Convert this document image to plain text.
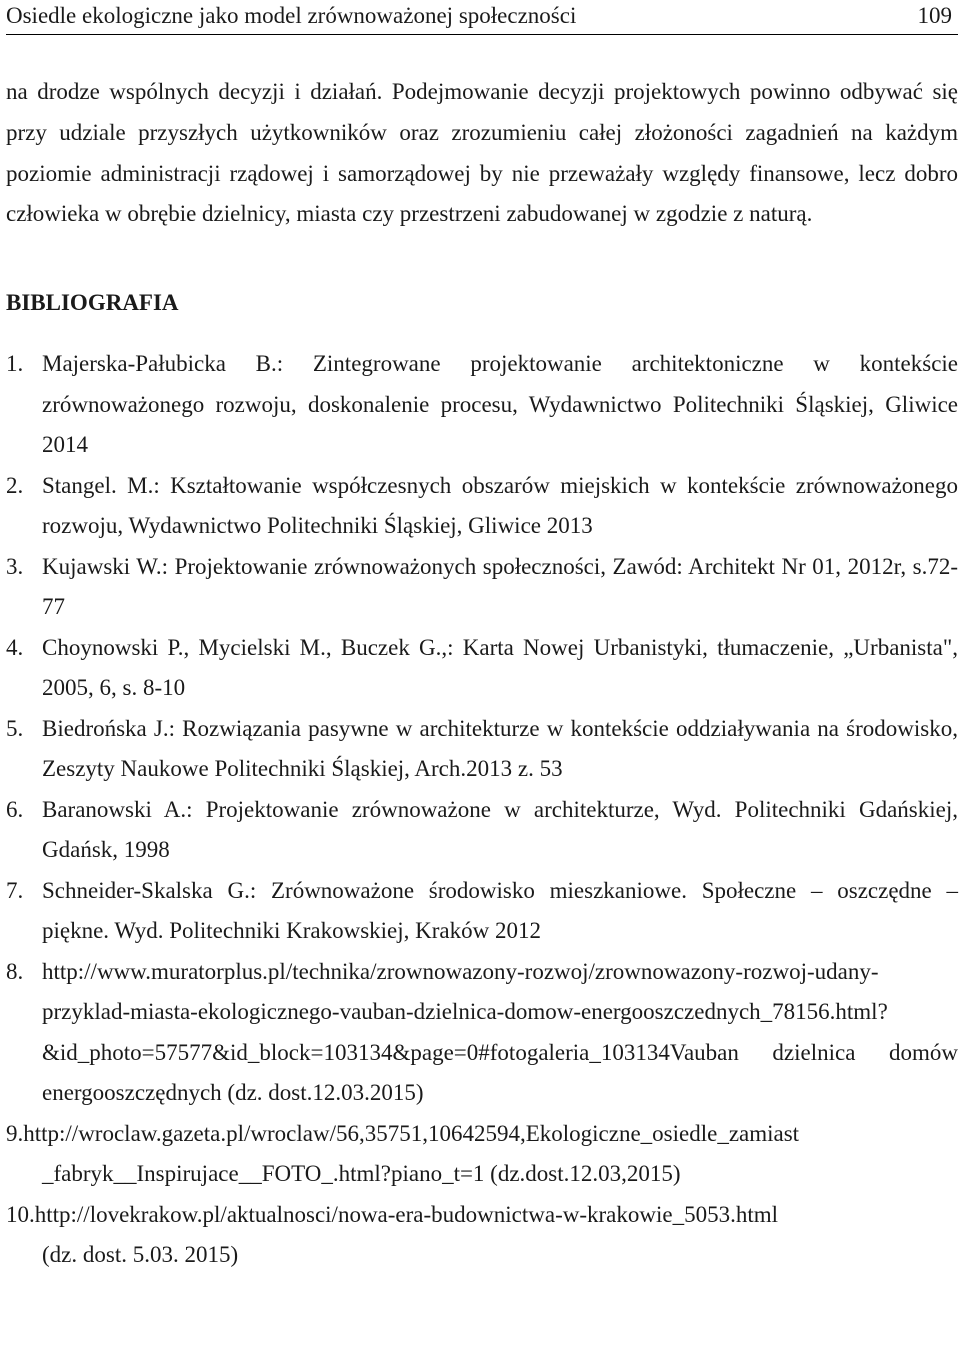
Osiedle ekologiczne jako model zrównoważonej społeczności	109

na drodze wspólnych decyzji i działań. Podejmowanie decyzji projektowych powinno odbywać się przy udziale przyszłych użytkowników oraz zrozumieniu całej złożoności zagadnień na każdym poziomie administracji rządowej i samorządowej by nie przeważały względy finansowe, lecz dobro człowieka w obrębie dzielnicy, miasta czy przestrzeni zabudowanej w zgodzie z naturą.

BIBLIOGRAFIA
1. Majerska-Pałubicka B.: Zintegrowane projektowanie architektoniczne w kontekście zrównoważonego rozwoju, doskonalenie procesu, Wydawnictwo Politechniki Śląskiej, Gliwice 2014
2. Stangel. M.: Kształtowanie współczesnych obszarów miejskich w kontekście zrównoważonego rozwoju, Wydawnictwo Politechniki Śląskiej, Gliwice 2013
3. Kujawski W.: Projektowanie zrównoważonych społeczności, Zawód: Architekt Nr 01, 2012r, s.72-77
4. Choynowski P., Mycielski M., Buczek G.,: Karta Nowej Urbanistyki, tłumaczenie, „Urbanista", 2005, 6, s. 8-10
5. Biedrońska J.: Rozwiązania pasywne w architekturze w kontekście oddziaływania na środowisko, Zeszyty Naukowe Politechniki Śląskiej, Arch.2013 z. 53
6. Baranowski A.: Projektowanie zrównoważone w architekturze, Wyd. Politechniki Gdańskiej, Gdańsk, 1998
7. Schneider-Skalska G.: Zrównoważone środowisko mieszkaniowe. Społeczne – oszczędne – piękne. Wyd. Politechniki Krakowskiej, Kraków 2012
8. http://www.muratorplus.pl/technika/zrownowazony-rozwoj/zrownowazony-rozwoj-udany-przyklad-miasta-ekologicznego-vauban-dzielnica-domow-energooszczednych_78156.html?&id_photo=57577&id_block=103134&page=0#fotogaleria_103134Vauban dzielnica domów energooszczędnych (dz. dost.12.03.2015)
9.http://wroclaw.gazeta.pl/wroclaw/56,35751,10642594,Ekologiczne_osiedle_zamiast
_fabryk__Inspirujace__FOTO_.html?piano_t=1 (dz.dost.12.03,2015)
10.http://lovekrakow.pl/aktualnosci/nowa-era-budownictwa-w-krakowie_5053.html
(dz. dost. 5.03. 2015)
